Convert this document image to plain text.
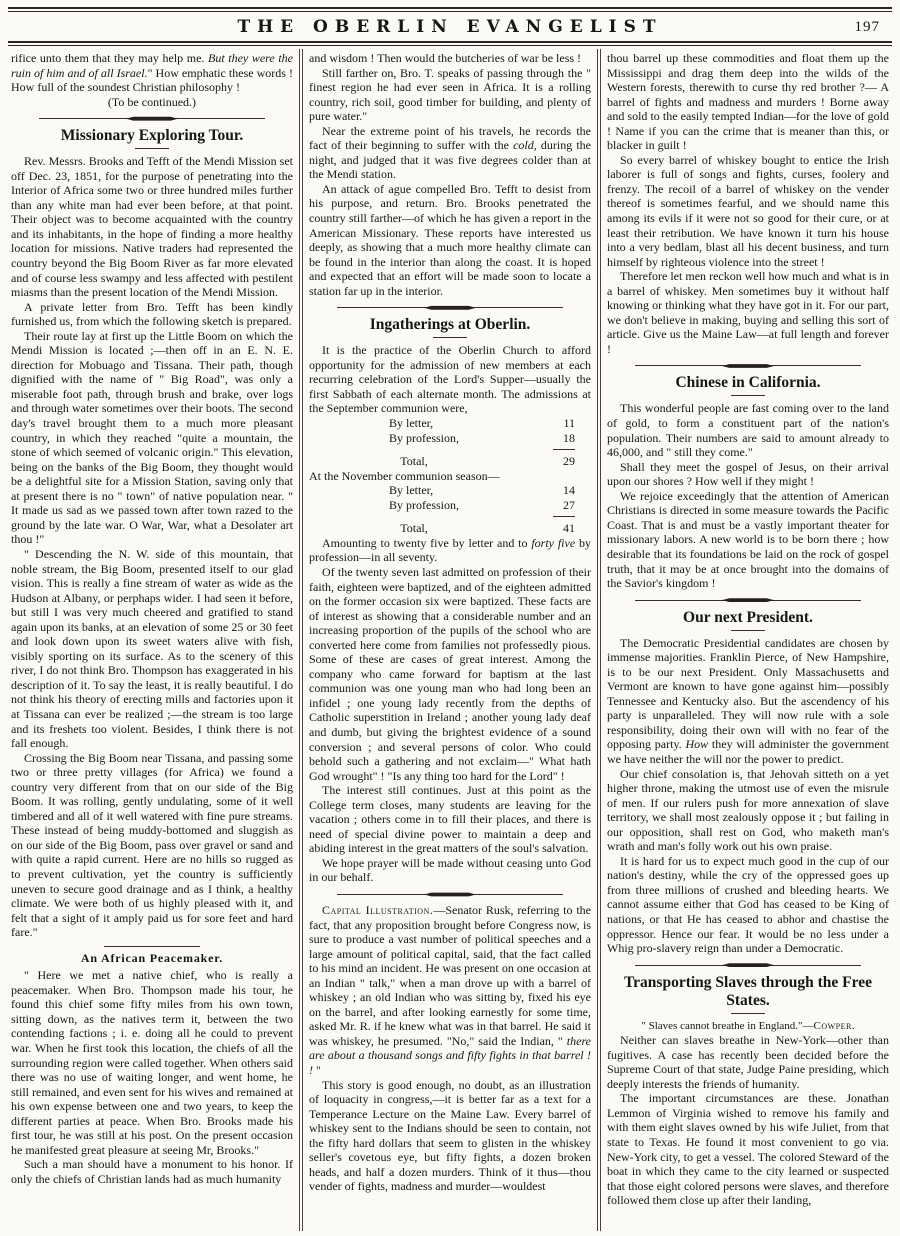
THE OBERLIN EVANGELIST	197

rifice unto them that they may help me. But they were the ruin of him and of all Israel." How emphatic these words ! How full of the soundest Christian philosophy !

(To be continued.)

Missionary Exploring Tour.

Rev. Messrs. Brooks and Tefft of the Mendi Mission set off Dec. 23, 1851, for the purpose of penetrating into the Interior of Africa some two or three hundred miles further than any white man had ever been before, at that point. Their object was to become acquainted with the country and its inhabitants, in the hope of finding a more healthy location for missions. Native traders had represented the country beyond the Big Boom River as far more elevated and of course less swampy and less affected with pestilent miasms than the present location of the Mendi Mission.

A private letter from Bro. Tefft has been kindly furnished us, from which the following sketch is prepared.

Their route lay at first up the Little Boom on which the Mendi Mission is located ;—then off in an E. N. E. direction for Mobuago and Tissana. Their path, though dignified with the name of " Big Road", was only a miserable foot path, through brush and brake, over logs and through water sometimes over their boots. The second day's travel brought them to a much more pleasant country, in which they reached "quite a mountain, the stone of which seemed of volcanic origin." This elevation, being on the banks of the Big Boom, they thought would be a delightful site for a Mission Station, saving only that at present there is no " town" of native population near. " It made us sad as we passed town after town razed to the ground by the late war. O War, War, what a Desolater art thou !"

" Descending the N. W. side of this mountain, that noble stream, the Big Boom, presented itself to our glad vision. This is really a fine stream of water as wide as the Hudson at Albany, or perphaps wider. I had seen it before, but still I was very much cheered and gratified to stand again upon its banks, at an elevation of some 25 or 30 feet and look down upon its sweet waters alive with fish, visibly sporting on its surface. As to the scenery of this river, I do not think Bro. Thompson has exaggerated in his description of it. To say the least, it is really beautiful. I do not think his theory of erecting mills and factories upon it at Tissana can ever be realized ;—the stream is too large and its freshets too violent. Besides, I think there is not fall enough.

Crossing the Big Boom near Tissana, and passing some two or three pretty villages (for Africa) we found a country very different from that on our side of the Big Boom. It was rolling, gently undulating, some of it well timbered and all of it well watered with fine pure streams. These instead of being muddy-bottomed and sluggish as on our side of the Big Boom, pass over gravel or sand and with quite a rapid current. Here are no hills so rugged as to prevent cultivation, yet the country is sufficiently uneven to secure good drainage and as I think, a healthy climate. We were both of us highly pleased with it, and felt that a sight of it amply paid us for sore feet and hard fare."

An African Peacemaker.

" Here we met a native chief, who is really a peacemaker. When Bro. Thompson made his tour, he found this chief some fifty miles from his own town, sitting down, as the natives term it, between the two contending factions ; i. e. doing all he could to prevent war. When he first took this location, the chiefs of all the surrounding region were called together. When others said there was no use of waiting longer, and went home, he still remained, and even sent for his wives and remained at his own expense between one and two years, to keep the different parties at peace. When Bro. Brooks made his first tour, he was still at his post. On the present occasion he manifested great pleasure at seeing Mr, Brooks."

Such a man should have a monument to his honor. If only the chiefs of Christian lands had as much humanity

and wisdom ! Then would the butcheries of war be less !

Still farther on, Bro. T. speaks of passing through the " finest region he had ever seen in Africa. It is a rolling country, rich soil, good timber for building, and plenty of pure water."

Near the extreme point of his travels, he records the fact of their beginning to suffer with the cold, during the night, and judged that it was five degrees colder than at the Mendi station.

An attack of ague compelled Bro. Tefft to desist from his purpose, and return. Bro. Brooks penetrated the country still farther—of which he has given a report in the American Missionary. These reports have interested us deeply, as showing that a much more healthy climate can be found in the interior than along the coast. It is hoped and expected that an effort will be made soon to locate a station far up in the interior.

Ingatherings at Oberlin.

It is the practice of the Oberlin Church to afford opportunity for the admission of new members at each recurring celebration of the Lord's Supper—usually the first Sabbath of each alternate month. The admissions at the September communion were,

By letter,	11
By profession,	18
Total,	29

At the November communion season—

By letter,	14
By profession,	27
Total,	41

Amounting to twenty five by letter and to forty five by profession—in all seventy.

Of the twenty seven last admitted on profession of their faith, eighteen were baptized, and of the eighteen admitted on the former occasion six were baptized. These facts are of interest as showing that a considerable number and an increasing proportion of the pupils of the school who are converted here come from families not professedly pious. Some of these are cases of great interest. Among the company who came forward for baptism at the last communion was one young man who had long been an infidel ; one young lady recently from the depths of Catholic superstition in Ireland ; another young lady deaf and dumb, but giving the brightest evidence of a sound conversion ; and several persons of color. Who could behold such a gathering and not exclaim—" What hath God wrought" ! "Is any thing too hard for the Lord" !

The interest still continues. Just at this point as the College term closes, many students are leaving for the vacation ; others come in to fill their places, and there is need of special divine power to maintain a deep and abiding interest in the great matters of the soul's salvation.

We hope prayer will be made without ceasing unto God in our behalf.

Capital Illustration.—Senator Rusk, referring to the fact, that any proposition brought before Congress now, is sure to produce a vast number of political speeches and a large amount of political capital, said, that the fact called to his mind an incident. He was present on one occasion at an Indian " talk," when a man drove up with a barrel of whiskey ; an old Indian who was sitting by, fixed his eye on the barrel, and after looking earnestly for some time, asked Mr. R. if he knew what was in that barrel. He said it was whiskey, he presumed. "No," said the Indian, " there are about a thousand songs and fifty fights in that barrel ! ! "

This story is good enough, no doubt, as an illustration of loquacity in congress,—it is better far as a text for a Temperance Lecture on the Maine Law. Every barrel of whiskey sent to the Indians should be seen to contain, not the fifty hard dollars that seem to glisten in the whiskey seller's covetous eye, but fifty fights, a dozen broken heads, and half a dozen murders. Think of it thus—thou vender of fights, madness and murder—wouldest

thou barrel up these commodities and float them up the Mississippi and drag them deep into the wilds of the Western forests, therewith to curse thy red brother ?— A barrel of fights and madness and murders ! Borne away and sold to the easily tempted Indian—for the love of gold ! Name if you can the crime that is meaner than this, or blacker in guilt !

So every barrel of whiskey bought to entice the Irish laborer is full of songs and fights, curses, foolery and frenzy. The recoil of a barrel of whiskey on the vender thereof is sometimes fearful, and we should name this among its evils if it were not so good for their cure, or at least their retribution. We have known it turn his house into a very bedlam, blast all his decent business, and turn himself by righteous violence into the street !

Therefore let men reckon well how much and what is in a barrel of whiskey. Men sometimes buy it without half knowing or thinking what they have got in it. For our part, we don't believe in making, buying and selling this sort of article. Give us the Maine Law—at full length and forever !

Chinese in California.

This wonderful people are fast coming over to the land of gold, to form a constituent part of the nation's population. Their numbers are said to amount already to 46,000, and " still they come."

Shall they meet the gospel of Jesus, on their arrival upon our shores ? How well if they might !

We rejoice exceedingly that the attention of American Christians is directed in some measure towards the Pacific Coast. That is and must be a vastly important theater for missionary labors. A new world is to be born there ; how desirable that its foundations be laid on the rock of gospel truth, that it may be at once brought into the domains of the Savior's kingdom !

Our next President.

The Democratic Presidential candidates are chosen by immense majorities. Franklin Pierce, of New Hampshire, is to be our next President. Only Massachusetts and Vermont are known to have gone against him—possibly Tennessee and Kentucky also. But the ascendency of his party is unparalleled. They will now rule with a sole responsibility, doing their own will with no fear of the opposing party. How they will administer the government we have neither the will nor the power to predict.

Our chief consolation is, that Jehovah sitteth on a yet higher throne, making the utmost use of even the misrule of men. If our rulers push for more annexation of slave territory, we shall most zealously oppose it ; but failing in our opposition, shall rest on God, who maketh man's wrath and man's folly work out his own praise.

It is hard for us to expect much good in the cup of our nation's destiny, while the cry of the oppressed goes up from three millions of crushed and bleeding hearts. We cannot assume either that God has ceased to be King of nations, or that He has ceased to abhor and chastise the oppressor. Hence our fear. It would be no less under a Whig pro-slavery reign than under a Democratic.

Transporting Slaves through the Free States.

" Slaves cannot breathe in England."—Cowper.

Neither can slaves breathe in New-York—other than fugitives. A case has recently been decided before the Supreme Court of that state, Judge Paine presiding, which deeply interests the friends of humanity.

The important circumstances are these. Jonathan Lemmon of Virginia wished to remove his family and with them eight slaves owned by his wife Juliet, from that state to Texas. He found it most convenient to go via. New-York city, to get a vessel. The colored Steward of the boat in which they came to the city learned or suspected that those eight colored persons were slaves, and therefore followed them close up after their landing,
